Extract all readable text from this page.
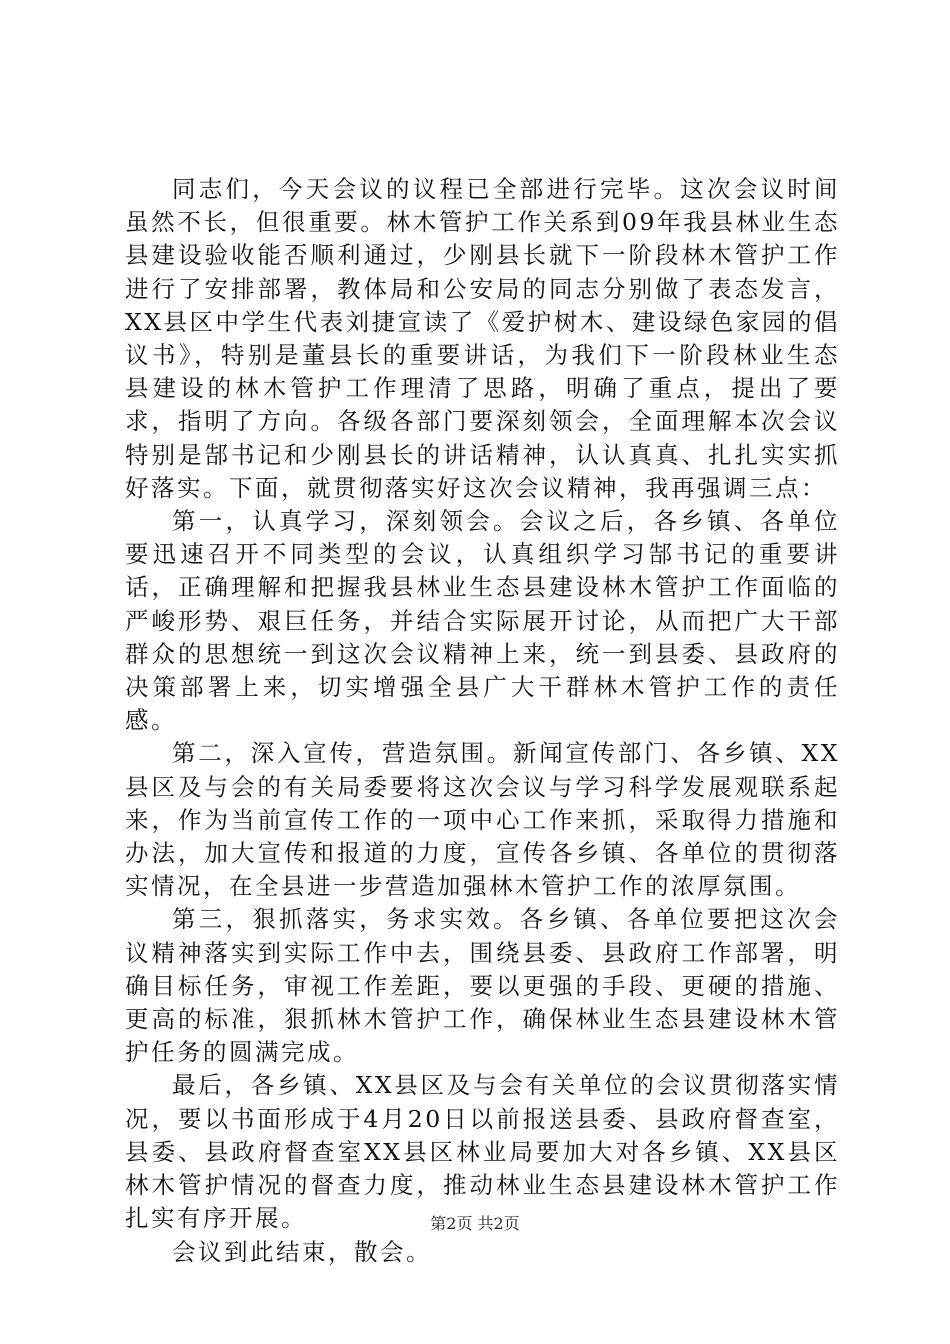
同志们，今天会议的议程已全部进行完毕。这次会议时间虽然不长，但很重要。林木管护工作关系到09年我县林业生态县建设验收能否顺利通过，少刚县长就下一阶段林木管护工作进行了安排部署，教体局和公安局的同志分别做了表态发言，XX县区中学生代表刘捷宣读了《爱护树木、建设绿色家园的倡议书》，特别是董县长的重要讲话，为我们下一阶段林业生态县建设的林木管护工作理清了思路，明确了重点，提出了要求，指明了方向。各级各部门要深刻领会，全面理解本次会议特别是郜书记和少刚县长的讲话精神，认认真真、扎扎实实抓好落实。下面，就贯彻落实好这次会议精神，我再强调三点：

第一，认真学习，深刻领会。会议之后，各乡镇、各单位要迅速召开不同类型的会议，认真组织学习郜书记的重要讲话，正确理解和把握我县林业生态县建设林木管护工作面临的严峻形势、艰巨任务，并结合实际展开讨论，从而把广大干部群众的思想统一到这次会议精神上来，统一到县委、县政府的决策部署上来，切实增强全县广大干群林木管护工作的责任感。

第二，深入宣传，营造氛围。新闻宣传部门、各乡镇、XX县区及与会的有关局委要将这次会议与学习科学发展观联系起来，作为当前宣传工作的一项中心工作来抓，采取得力措施和办法，加大宣传和报道的力度，宣传各乡镇、各单位的贯彻落实情况，在全县进一步营造加强林木管护工作的浓厚氛围。

第三，狠抓落实，务求实效。各乡镇、各单位要把这次会议精神落实到实际工作中去，围绕县委、县政府工作部署，明确目标任务，审视工作差距，要以更强的手段、更硬的措施、更高的标准，狠抓林木管护工作，确保林业生态县建设林木管护任务的圆满完成。

最后，各乡镇、XX县区及与会有关单位的会议贯彻落实情况，要以书面形成于4月20日以前报送县委、县政府督查室，县委、县政府督查室XX县区林业局要加大对各乡镇、XX县区林木管护情况的督查力度，推动林业生态县建设林木管护工作扎实有序开展。

会议到此结束，散会。

第2页 共2页
